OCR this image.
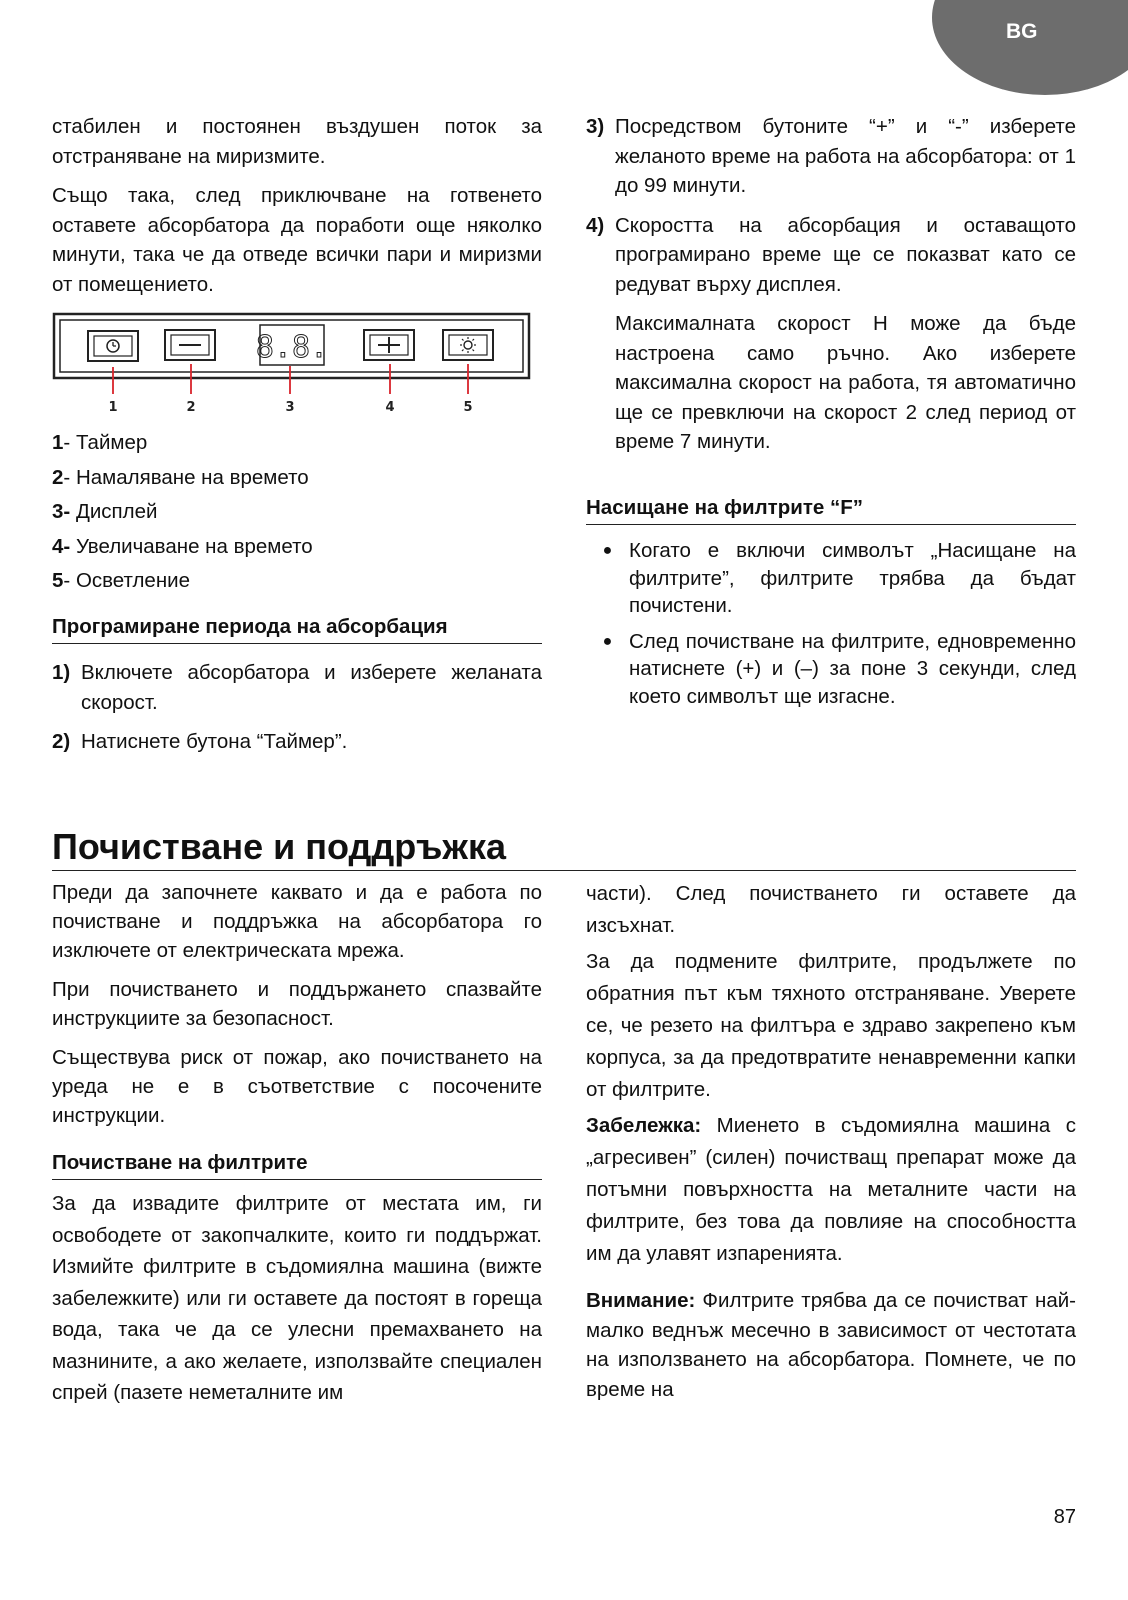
BG

стабилен и постоянен въздушен поток за отстраняване на миризмите.

Също така, след приключване на готвенето оставете абсорбатора да поработи още няколко минути, така че да отведе всички пари и миризми от помещението.

8.8.
1	2	3	4	5
1- Таймер
2- Намаляване на времето
3- Дисплей
4- Увеличаване на времето
5- Осветление
Програмиране периода на абсорбация
1) Включете абсорбатора и изберете желаната скорост.
2) Натиснете бутона “Таймер”.
3) Посредством бутоните “+” и “-” изберете желаното време на работа на абсорбатора: от 1 до 99 минути.
4) Скоростта на абсорбация и оставащото програмирано време ще се показват като се редуват върху дисплея.

Максималната скорост H може да бъде настроена само ръчно. Ако изберете максимална скорост на работа, тя автоматично ще се превключи на скорост 2 след период от време 7 минути.

Насищане на филтрите “F”
● Когато е включи символът „Насищане на филтрите”, филтрите трябва да бъдат почистени.
● След почистване на филтрите, едновременно натиснете (+) и (–) за поне 3 секунди, след което символът ще изгасне.
Почистване и поддръжка

Преди да започнете каквато и да е работа по почистване и поддръжка на абсорбатора го изключете от електрическата мрежа.

При почистването и поддържането спазвайте инструкциите за безопасност.

Съществува риск от пожар, ако почистването на уреда не е в съответствие с посочените инструкции.

Почистване на филтрите

За да извадите филтрите от местата им, ги освободете от закопчалките, които ги поддържат. Измийте филтрите в съдомиялна машина (вижте забележките) или ги оставете да постоят в гореща вода, така че да се улесни премахването на мазнините, а ако желаете, използвайте специален спрей (пазете неметалните им

части). След почистването ги оставете да изсъхнат.

За да подмените филтрите, продължете по обратния път към тяхното отстраняване. Уверете се, че резето на филтъра е здраво закрепено към корпуса, за да предотвратите ненавременни капки от филтрите.

Забележка: Миенето в съдомиялна машина с „агресивен” (силен) почистващ препарат може да потъмни повърхността на металните части на филтрите, без това да повлияе на способността им да улавят изпаренията.

Внимание: Филтрите трябва да се почистват най-малко веднъж месечно в зависимост от честотата на използването на абсорбатора. Помнете, че по време на

87
